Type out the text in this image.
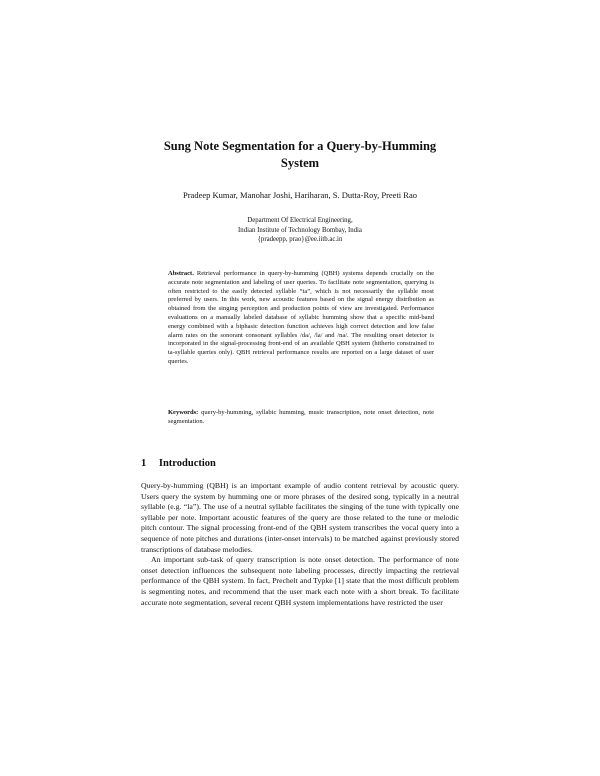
Sung Note Segmentation for a Query-by-Humming
System
Pradeep Kumar, Manohar Joshi, Hariharan, S. Dutta-Roy, Preeti Rao
Department Of Electrical Engineering,
Indian Institute of Technology Bombay, India
{pradeepp, prao}@ee.iitb.ac.in
Abstract. Retrieval performance in query-by-humming (QBH) systems depends crucially on the accurate note segmentation and labeling of user queries. To facilitate note segmentation, querying is often restricted to the easily detected syllable “ta”, which is not necessarily the syllable most preferred by users. In this work, new acoustic features based on the signal energy distribution as obtained from the singing perception and production points of view are investigated. Performance evaluations on a manually labeled database of syllabic humming show that a specific mid-band energy combined with a biphasic detection function achieves high correct detection and low false alarm rates on the sonorant consonant syllables /da/, /la/ and /na/. The resulting onset detector is incorporated in the signal-processing front-end of an available QBH system (hitherto constrained to ta-syllable queries only). QBH retrieval performance results are reported on a large dataset of user queries.
Keywords: query-by-humming, syllabic humming, music transcription, note onset detection, note segmentation.
1 Introduction

Query-by-humming (QBH) is an important example of audio content retrieval by acoustic query. Users query the system by humming one or more phrases of the desired song, typically in a neutral syllable (e.g. “la”). The use of a neutral syllable facilitates the singing of the tune with typically one syllable per note. Important acoustic features of the query are those related to the tune or melodic pitch contour. The signal processing front-end of the QBH system transcribes the vocal query into a sequence of note pitches and durations (inter-onset intervals) to be matched against previously stored transcriptions of database melodies.

An important sub-task of query transcription is note onset detection. The performance of note onset detection influences the subsequent note labeling processes, directly impacting the retrieval performance of the QBH system. In fact, Prechelt and Typke [1] state that the most difficult problem is segmenting notes, and recommend that the user mark each note with a short break. To facilitate accurate note segmentation, several recent QBH system implementations have restricted the user
